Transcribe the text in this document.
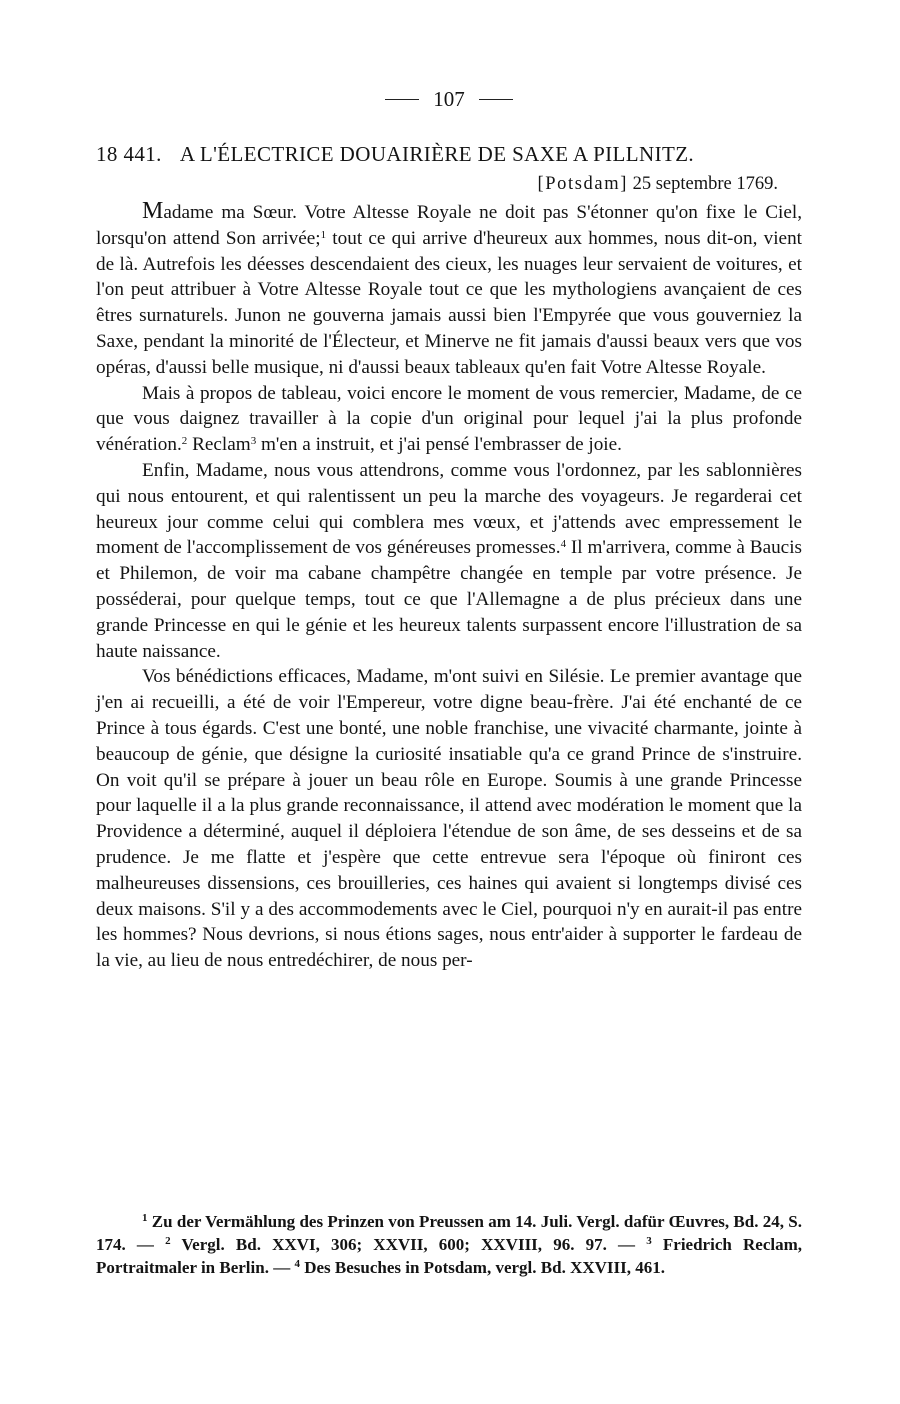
107
18 441. A L'ÉLECTRICE DOUAIRIÈRE DE SAXE A PILLNITZ.
[Potsdam] 25 septembre 1769.

Madame ma Sœur. Votre Altesse Royale ne doit pas S'étonner qu'on fixe le Ciel, lorsqu'on attend Son arrivée;$^1$ tout ce qui arrive d'heureux aux hommes, nous dit-on, vient de là. Autrefois les déesses descendaient des cieux, les nuages leur servaient de voitures, et l'on peut attribuer à Votre Altesse Royale tout ce que les mythologiens avançaient de ces êtres surnaturels. Junon ne gouverna jamais aussi bien l'Empyrée que vous gouverniez la Saxe, pendant la minorité de l'Électeur, et Minerve ne fit jamais d'aussi beaux vers que vos opéras, d'aussi belle musique, ni d'aussi beaux tableaux qu'en fait Votre Altesse Royale.

Mais à propos de tableau, voici encore le moment de vous remercier, Madame, de ce que vous daignez travailler à la copie d'un original pour lequel j'ai la plus profonde vénération.$^2$ Reclam$^3$ m'en a instruit, et j'ai pensé l'embrasser de joie.

Enfin, Madame, nous vous attendrons, comme vous l'ordonnez, par les sablonnières qui nous entourent, et qui ralentissent un peu la marche des voyageurs. Je regarderai cet heureux jour comme celui qui comblera mes vœux, et j'attends avec empressement le moment de l'accomplissement de vos généreuses promesses.$^4$ Il m'arrivera, comme à Baucis et Philemon, de voir ma cabane champêtre changée en temple par votre présence. Je posséderai, pour quelque temps, tout ce que l'Allemagne a de plus précieux dans une grande Princesse en qui le génie et les heureux talents surpassent encore l'illustration de sa haute naissance.

Vos bénédictions efficaces, Madame, m'ont suivi en Silésie. Le premier avantage que j'en ai recueilli, a été de voir l'Empereur, votre digne beau-frère. J'ai été enchanté de ce Prince à tous égards. C'est une bonté, une noble franchise, une vivacité charmante, jointe à beaucoup de génie, que désigne la curiosité insatiable qu'a ce grand Prince de s'instruire. On voit qu'il se prépare à jouer un beau rôle en Europe. Soumis à une grande Princesse pour laquelle il a la plus grande reconnaissance, il attend avec modération le moment que la Providence a déterminé, auquel il déploiera l'étendue de son âme, de ses desseins et de sa prudence. Je me flatte et j'espère que cette entrevue sera l'époque où finiront ces malheureuses dissensions, ces brouilleries, ces haines qui avaient si longtemps divisé ces deux maisons. S'il y a des accommodements avec le Ciel, pourquoi n'y en aurait-il pas entre les hommes? Nous devrions, si nous étions sages, nous entr'aider à supporter le fardeau de la vie, au lieu de nous entredéchirer, de nous per-

$^1$ Zu der Vermählung des Prinzen von Preussen am 14. Juli. Vergl. dafür Œuvres, Bd. 24, S. 174. — $^2$ Vergl. Bd. XXVI, 306; XXVII, 600; XXVIII, 96. 97. — $^3$ Friedrich Reclam, Portraitmaler in Berlin. — $^4$ Des Besuches in Potsdam, vergl. Bd. XXVIII, 461.
